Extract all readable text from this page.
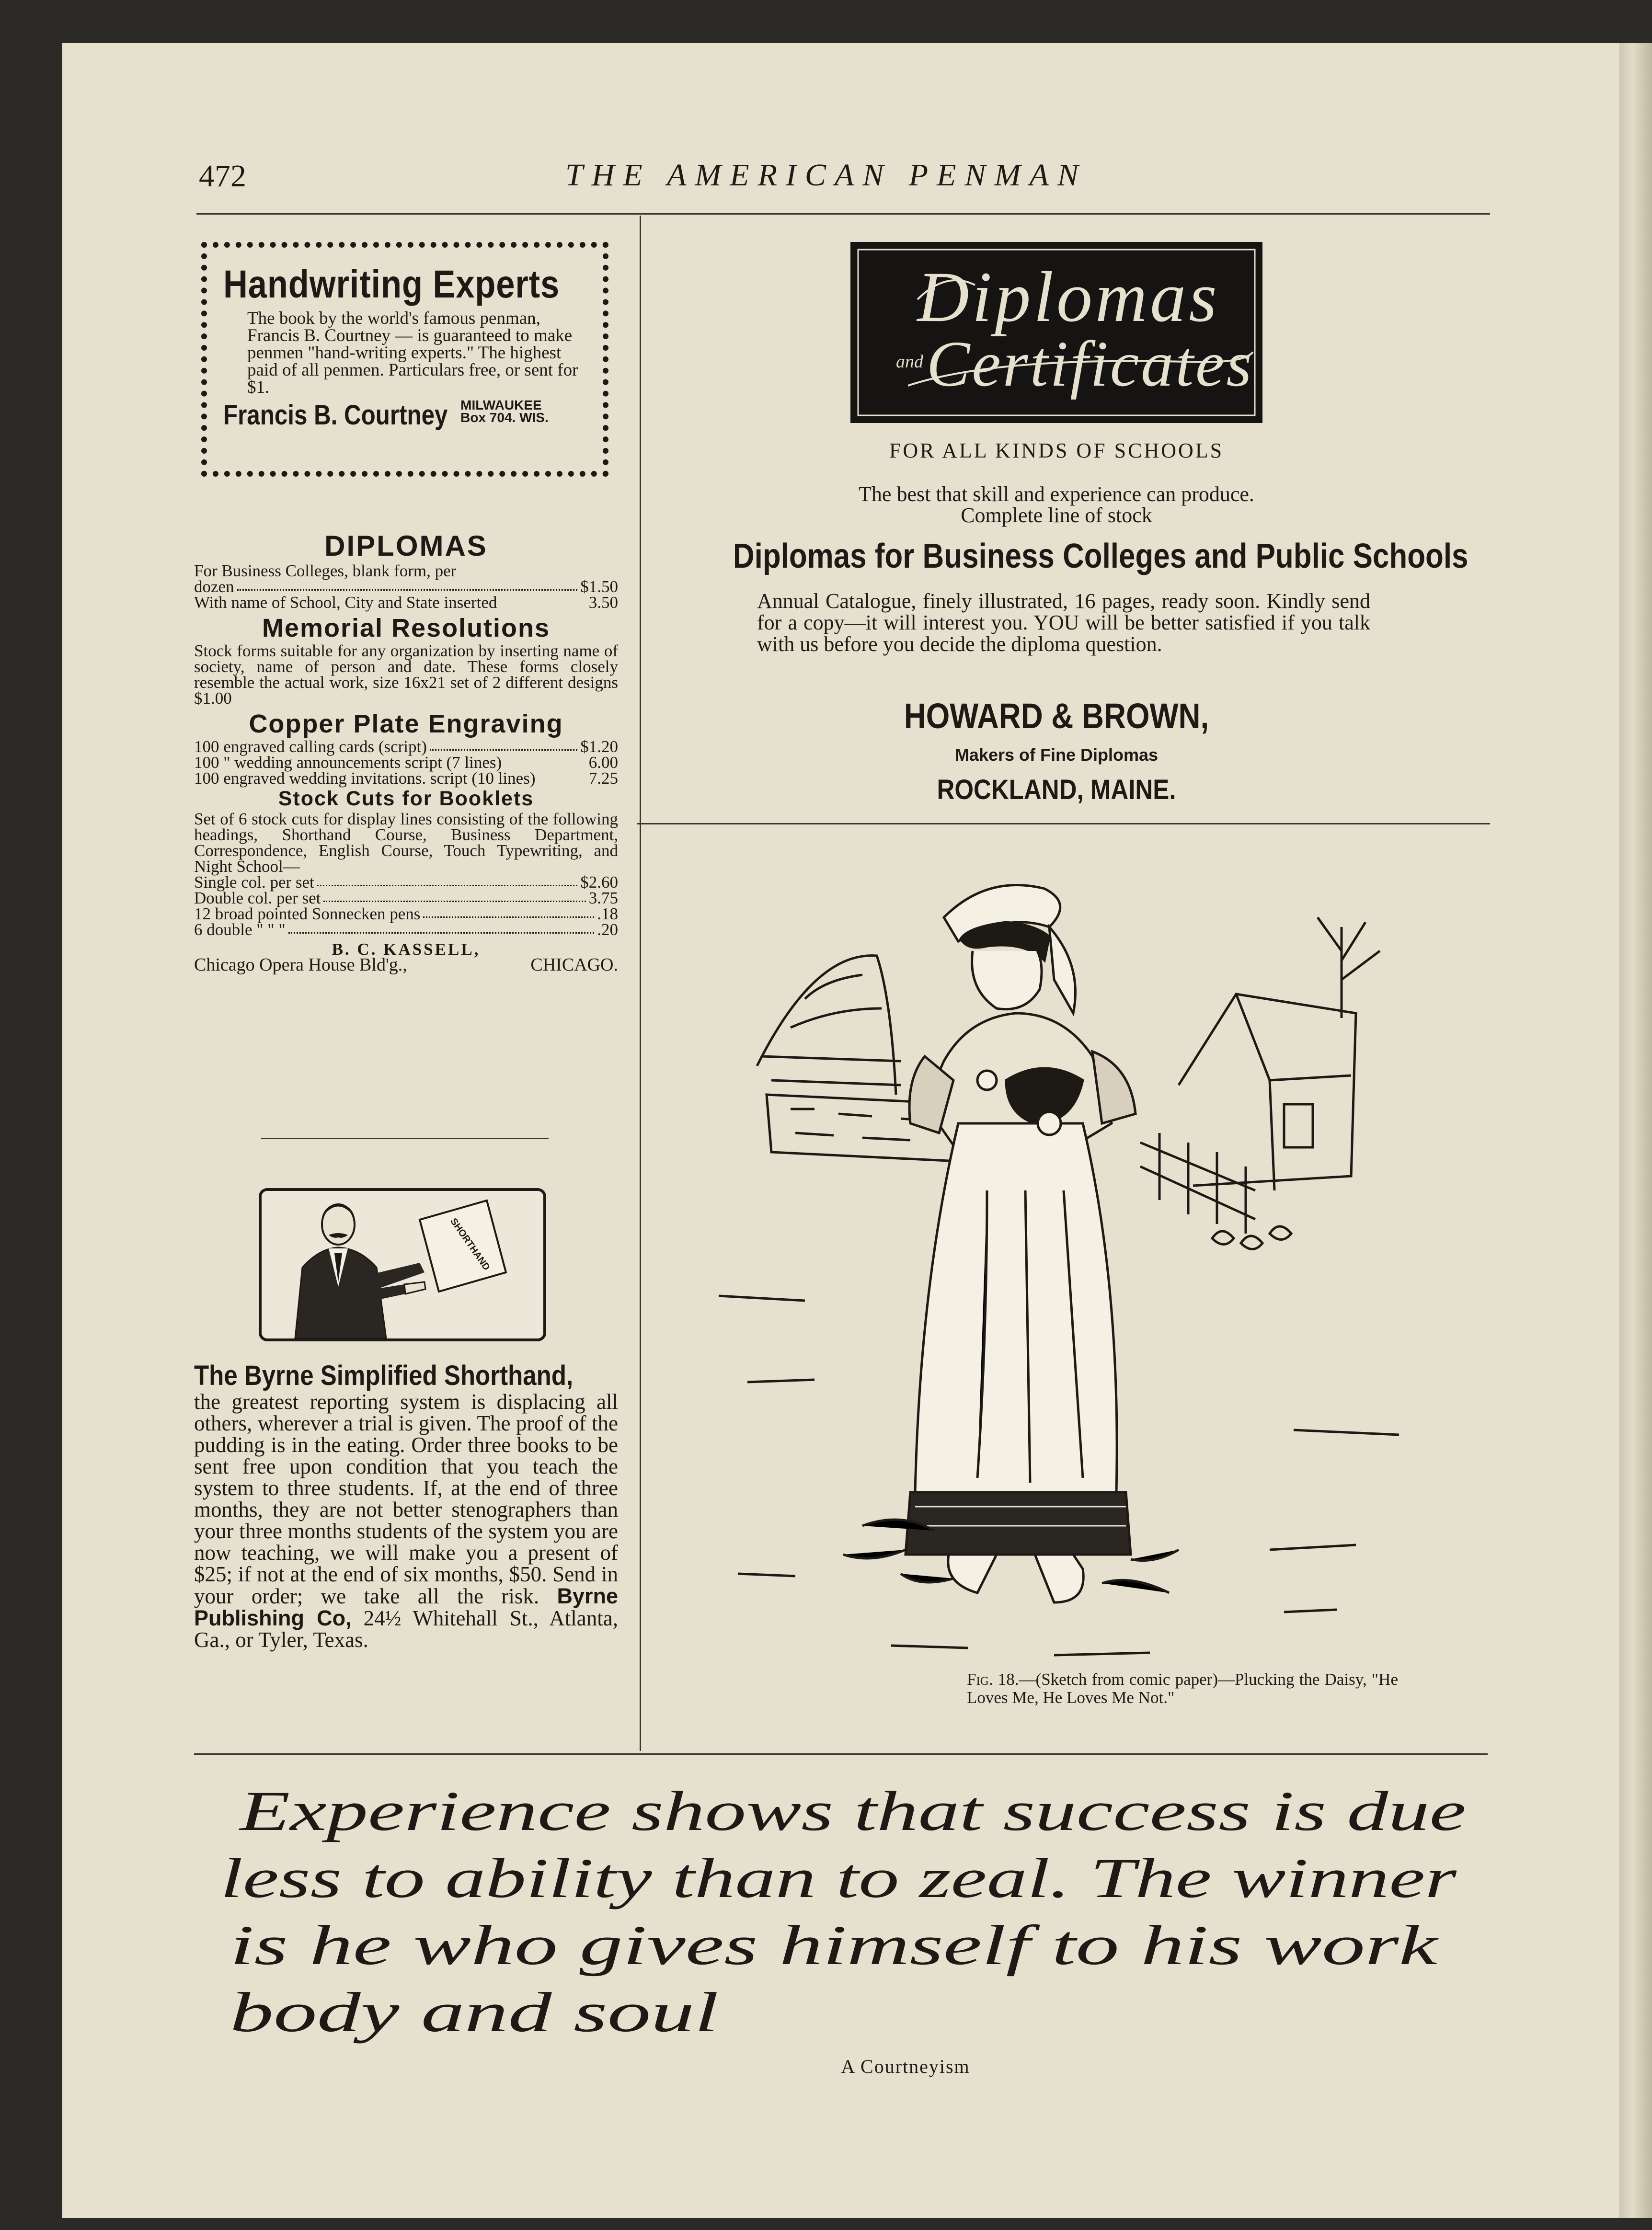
472	THE AMERICAN PENMAN
Handwriting Experts
The book by the world's famous penman, Francis B. Courtney — is guaranteed to make penmen "hand-writing experts." The highest paid of all penmen. Particulars free, or sent for $1.
Francis B. Courtney MILWAUKEE
Box 704. WIS.
DIPLOMAS
For Business Colleges, blank form, per
dozen	$1.50
With name of School, City and State inserted	3.50
Memorial Resolutions
Stock forms suitable for any organization by inserting name of society, name of person and date. These forms closely resemble the actual work, size 16x21 set of 2 different designs $1.00
Copper Plate Engraving
100 engraved calling cards (script)	$1.20
100 " wedding announcements script (7 lines)	6.00
100 engraved wedding invitations. script (10 lines)	7.25
Stock Cuts for Booklets
Set of 6 stock cuts for display lines consisting of the following headings, Shorthand Course, Business Department, Correspondence, English Course, Touch Typewriting, and Night School—
Single col. per set	$2.60
Double col. per set	3.75
12 broad pointed Sonnecken pens	.18
6 double " " "	.20
B. C. KASSELL,
Chicago Opera House Bld'g.,	CHICAGO.
SHORTHAND
The Byrne Simplified Shorthand, the greatest reporting system is displacing all others, wherever a trial is given. The proof of the pudding is in the eating. Order three books to be sent free upon condition that you teach the system to three students. If, at the end of three months, they are not better stenographers than your three months students of the system you are now teaching, we will make you a present of $25; if not at the end of six months, $50. Send in your order; we take all the risk. Byrne Publishing Co, 24½ Whitehall St., Atlanta, Ga., or Tyler, Texas.
Diplomas
and Certificates
FOR ALL KINDS OF SCHOOLS
The best that skill and experience can produce.
Complete line of stock
Diplomas for Business Colleges and Public Schools
Annual Catalogue, finely illustrated, 16 pages, ready soon. Kindly send for a copy—it will interest you. YOU will be better satisfied if you talk with us before you decide the diploma question.
HOWARD & BROWN,
Makers of Fine Diplomas
ROCKLAND, MAINE.
Fig. 18.—(Sketch from comic paper)—Plucking the Daisy, "He Loves Me, He Loves Me Not."
Experience shows that success is due
less to ability than to zeal. The winner
is he who gives himself to his work
body and soul
A Courtneyism
